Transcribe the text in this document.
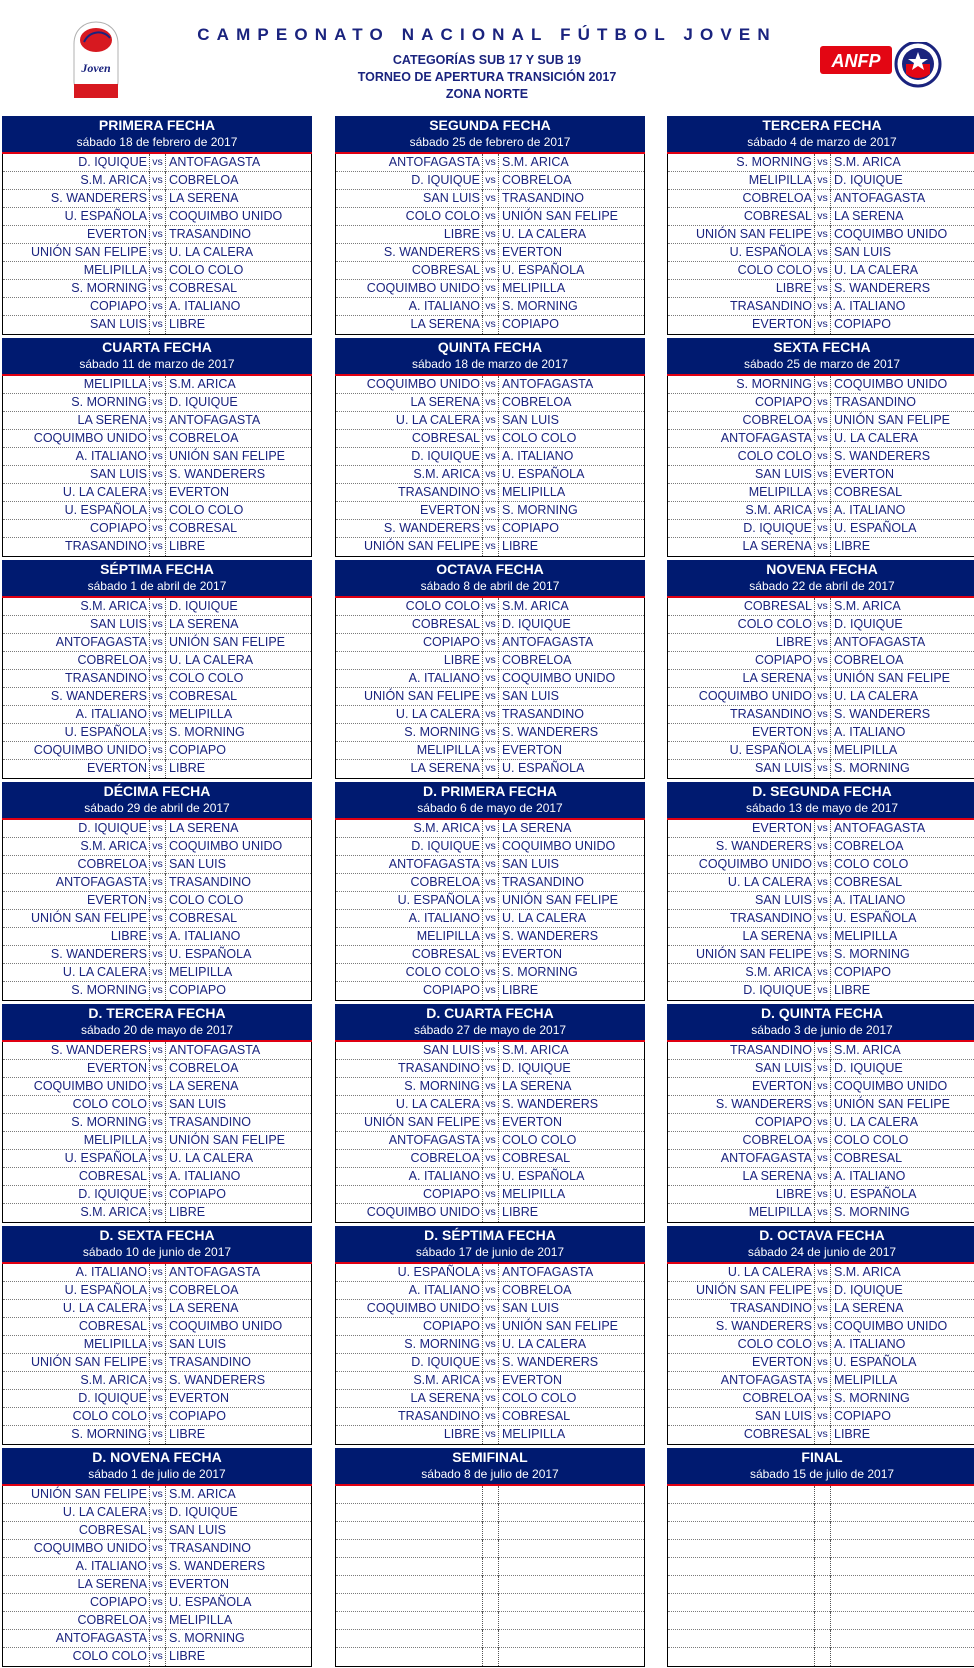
Joven	ANFP
CAMPEONATO NACIONAL FÚTBOL JOVEN
CATEGORÍAS SUB 17 Y SUB 19
TORNEO DE APERTURA TRANSICIÓN 2017
ZONA NORTE
PRIMERA FECHA
sábado 18 de febrero de 2017
D. IQUIQUE vs ANTOFAGASTA
S.M. ARICA vs COBRELOA
S. WANDERERS vs LA SERENA
U. ESPAÑOLA vs COQUIMBO UNIDO
EVERTON vs TRASANDINO
UNIÓN SAN FELIPE vs U. LA CALERA
MELIPILLA vs COLO COLO
S. MORNING vs COBRESAL
COPIAPO vs A. ITALIANO
SAN LUIS vs LIBRE
SEGUNDA FECHA
sábado 25 de febrero de 2017
ANTOFAGASTA vs S.M. ARICA
D. IQUIQUE vs COBRELOA
SAN LUIS vs TRASANDINO
COLO COLO vs UNIÓN SAN FELIPE
LIBRE vs U. LA CALERA
S. WANDERERS vs EVERTON
COBRESAL vs U. ESPAÑOLA
COQUIMBO UNIDO vs MELIPILLA
A. ITALIANO vs S. MORNING
LA SERENA vs COPIAPO
TERCERA FECHA
sábado 4 de marzo de 2017
S. MORNING vs S.M. ARICA
MELIPILLA vs D. IQUIQUE
COBRELOA vs ANTOFAGASTA
COBRESAL vs LA SERENA
UNIÓN SAN FELIPE vs COQUIMBO UNIDO
U. ESPAÑOLA vs SAN LUIS
COLO COLO vs U. LA CALERA
LIBRE vs S. WANDERERS
TRASANDINO vs A. ITALIANO
EVERTON vs COPIAPO
CUARTA FECHA
sábado 11 de marzo de 2017
MELIPILLA vs S.M. ARICA
S. MORNING vs D. IQUIQUE
LA SERENA vs ANTOFAGASTA
COQUIMBO UNIDO vs COBRELOA
A. ITALIANO vs UNIÓN SAN FELIPE
SAN LUIS vs S. WANDERERS
U. LA CALERA vs EVERTON
U. ESPAÑOLA vs COLO COLO
COPIAPO vs COBRESAL
TRASANDINO vs LIBRE
QUINTA FECHA
sábado 18 de marzo de 2017
COQUIMBO UNIDO vs ANTOFAGASTA
LA SERENA vs COBRELOA
U. LA CALERA vs SAN LUIS
COBRESAL vs COLO COLO
D. IQUIQUE vs A. ITALIANO
S.M. ARICA vs U. ESPAÑOLA
TRASANDINO vs MELIPILLA
EVERTON vs S. MORNING
S. WANDERERS vs COPIAPO
UNIÓN SAN FELIPE vs LIBRE
SEXTA FECHA
sábado 25 de marzo de 2017
S. MORNING vs COQUIMBO UNIDO
COPIAPO vs TRASANDINO
COBRELOA vs UNIÓN SAN FELIPE
ANTOFAGASTA vs U. LA CALERA
COLO COLO vs S. WANDERERS
SAN LUIS vs EVERTON
MELIPILLA vs COBRESAL
S.M. ARICA vs A. ITALIANO
D. IQUIQUE vs U. ESPAÑOLA
LA SERENA vs LIBRE
SÉPTIMA FECHA
sábado 1 de abril de 2017
S.M. ARICA vs D. IQUIQUE
SAN LUIS vs LA SERENA
ANTOFAGASTA vs UNIÓN SAN FELIPE
COBRELOA vs U. LA CALERA
TRASANDINO vs COLO COLO
S. WANDERERS vs COBRESAL
A. ITALIANO vs MELIPILLA
U. ESPAÑOLA vs S. MORNING
COQUIMBO UNIDO vs COPIAPO
EVERTON vs LIBRE
OCTAVA FECHA
sábado 8 de abril de 2017
COLO COLO vs S.M. ARICA
COBRESAL vs D. IQUIQUE
COPIAPO vs ANTOFAGASTA
LIBRE vs COBRELOA
A. ITALIANO vs COQUIMBO UNIDO
UNIÓN SAN FELIPE vs SAN LUIS
U. LA CALERA vs TRASANDINO
S. MORNING vs S. WANDERERS
MELIPILLA vs EVERTON
LA SERENA vs U. ESPAÑOLA
NOVENA FECHA
sábado 22 de abril de 2017
COBRESAL vs S.M. ARICA
COLO COLO vs D. IQUIQUE
LIBRE vs ANTOFAGASTA
COPIAPO vs COBRELOA
LA SERENA vs UNIÓN SAN FELIPE
COQUIMBO UNIDO vs U. LA CALERA
TRASANDINO vs S. WANDERERS
EVERTON vs A. ITALIANO
U. ESPAÑOLA vs MELIPILLA
SAN LUIS vs S. MORNING
DÉCIMA FECHA
sábado 29 de abril de 2017
D. IQUIQUE vs LA SERENA
S.M. ARICA vs COQUIMBO UNIDO
COBRELOA vs SAN LUIS
ANTOFAGASTA vs TRASANDINO
EVERTON vs COLO COLO
UNIÓN SAN FELIPE vs COBRESAL
LIBRE vs A. ITALIANO
S. WANDERERS vs U. ESPAÑOLA
U. LA CALERA vs MELIPILLA
S. MORNING vs COPIAPO
D. PRIMERA FECHA
sábado 6 de mayo de 2017
S.M. ARICA vs LA SERENA
D. IQUIQUE vs COQUIMBO UNIDO
ANTOFAGASTA vs SAN LUIS
COBRELOA vs TRASANDINO
U. ESPAÑOLA vs UNIÓN SAN FELIPE
A. ITALIANO vs U. LA CALERA
MELIPILLA vs S. WANDERERS
COBRESAL vs EVERTON
COLO COLO vs S. MORNING
COPIAPO vs LIBRE
D. SEGUNDA FECHA
sábado 13 de mayo de 2017
EVERTON vs ANTOFAGASTA
S. WANDERERS vs COBRELOA
COQUIMBO UNIDO vs COLO COLO
U. LA CALERA vs COBRESAL
SAN LUIS vs A. ITALIANO
TRASANDINO vs U. ESPAÑOLA
LA SERENA vs MELIPILLA
UNIÓN SAN FELIPE vs S. MORNING
S.M. ARICA vs COPIAPO
D. IQUIQUE vs LIBRE
D. TERCERA FECHA
sábado 20 de mayo de 2017
S. WANDERERS vs ANTOFAGASTA
EVERTON vs COBRELOA
COQUIMBO UNIDO vs LA SERENA
COLO COLO vs SAN LUIS
S. MORNING vs TRASANDINO
MELIPILLA vs UNIÓN SAN FELIPE
U. ESPAÑOLA vs U. LA CALERA
COBRESAL vs A. ITALIANO
D. IQUIQUE vs COPIAPO
S.M. ARICA vs LIBRE
D. CUARTA FECHA
sábado 27 de mayo de 2017
SAN LUIS vs S.M. ARICA
TRASANDINO vs D. IQUIQUE
S. MORNING vs LA SERENA
U. LA CALERA vs S. WANDERERS
UNIÓN SAN FELIPE vs EVERTON
ANTOFAGASTA vs COLO COLO
COBRELOA vs COBRESAL
A. ITALIANO vs U. ESPAÑOLA
COPIAPO vs MELIPILLA
COQUIMBO UNIDO vs LIBRE
D. QUINTA FECHA
sábado 3 de junio de 2017
TRASANDINO vs S.M. ARICA
SAN LUIS vs D. IQUIQUE
EVERTON vs COQUIMBO UNIDO
S. WANDERERS vs UNIÓN SAN FELIPE
COPIAPO vs U. LA CALERA
COBRELOA vs COLO COLO
ANTOFAGASTA vs COBRESAL
LA SERENA vs A. ITALIANO
LIBRE vs U. ESPAÑOLA
MELIPILLA vs S. MORNING
D. SEXTA FECHA
sábado 10 de junio de 2017
A. ITALIANO vs ANTOFAGASTA
U. ESPAÑOLA vs COBRELOA
U. LA CALERA vs LA SERENA
COBRESAL vs COQUIMBO UNIDO
MELIPILLA vs SAN LUIS
UNIÓN SAN FELIPE vs TRASANDINO
S.M. ARICA vs S. WANDERERS
D. IQUIQUE vs EVERTON
COLO COLO vs COPIAPO
S. MORNING vs LIBRE
D. SÉPTIMA FECHA
sábado 17 de junio de 2017
U. ESPAÑOLA vs ANTOFAGASTA
A. ITALIANO vs COBRELOA
COQUIMBO UNIDO vs SAN LUIS
COPIAPO vs UNIÓN SAN FELIPE
S. MORNING vs U. LA CALERA
D. IQUIQUE vs S. WANDERERS
S.M. ARICA vs EVERTON
LA SERENA vs COLO COLO
TRASANDINO vs COBRESAL
LIBRE vs MELIPILLA
D. OCTAVA FECHA
sábado 24 de junio de 2017
U. LA CALERA vs S.M. ARICA
UNIÓN SAN FELIPE vs D. IQUIQUE
TRASANDINO vs LA SERENA
S. WANDERERS vs COQUIMBO UNIDO
COLO COLO vs A. ITALIANO
EVERTON vs U. ESPAÑOLA
ANTOFAGASTA vs MELIPILLA
COBRELOA vs S. MORNING
SAN LUIS vs COPIAPO
COBRESAL vs LIBRE
D. NOVENA FECHA
sábado 1 de julio de 2017
UNIÓN SAN FELIPE vs S.M. ARICA
U. LA CALERA vs D. IQUIQUE
COBRESAL vs SAN LUIS
COQUIMBO UNIDO vs TRASANDINO
A. ITALIANO vs S. WANDERERS
LA SERENA vs EVERTON
COPIAPO vs U. ESPAÑOLA
COBRELOA vs MELIPILLA
ANTOFAGASTA vs S. MORNING
COLO COLO vs LIBRE
SEMIFINAL
sábado 8 de julio de 2017
FINAL
sábado 15 de julio de 2017
